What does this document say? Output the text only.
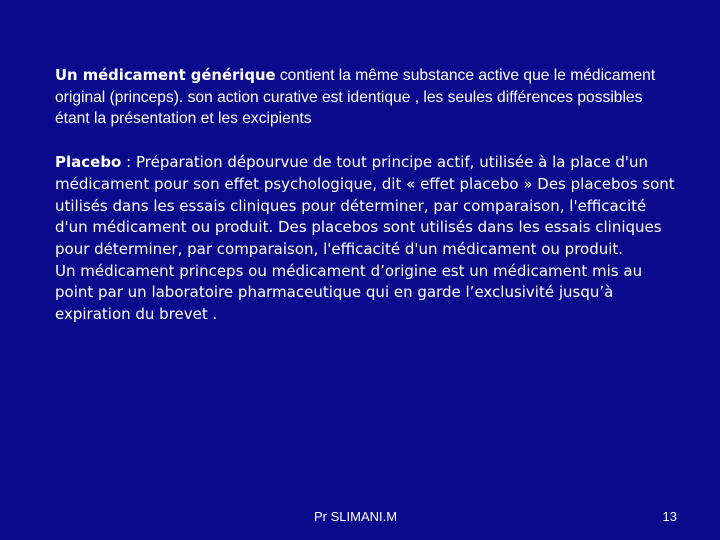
Un médicament générique contient la même substance active que le médicament original (princeps). son action curative est identique , les seules différences possibles étant la présentation et les excipients

Placebo : Préparation dépourvue de tout principe actif, utilisée à la place d'un médicament pour son effet psychologique, dit « effet placebo » Des placebos sont utilisés dans les essais cliniques pour déterminer, par comparaison, l'efficacité d'un médicament ou produit. Des placebos sont utilisés dans les essais cliniques pour déterminer, par comparaison, l'efficacité d'un médicament ou produit.

Un médicament princeps ou médicament d’origine est un médicament mis au point par un laboratoire pharmaceutique qui en garde l’exclusivité jusqu’à expiration du brevet .

Pr SLIMANI.M	13
